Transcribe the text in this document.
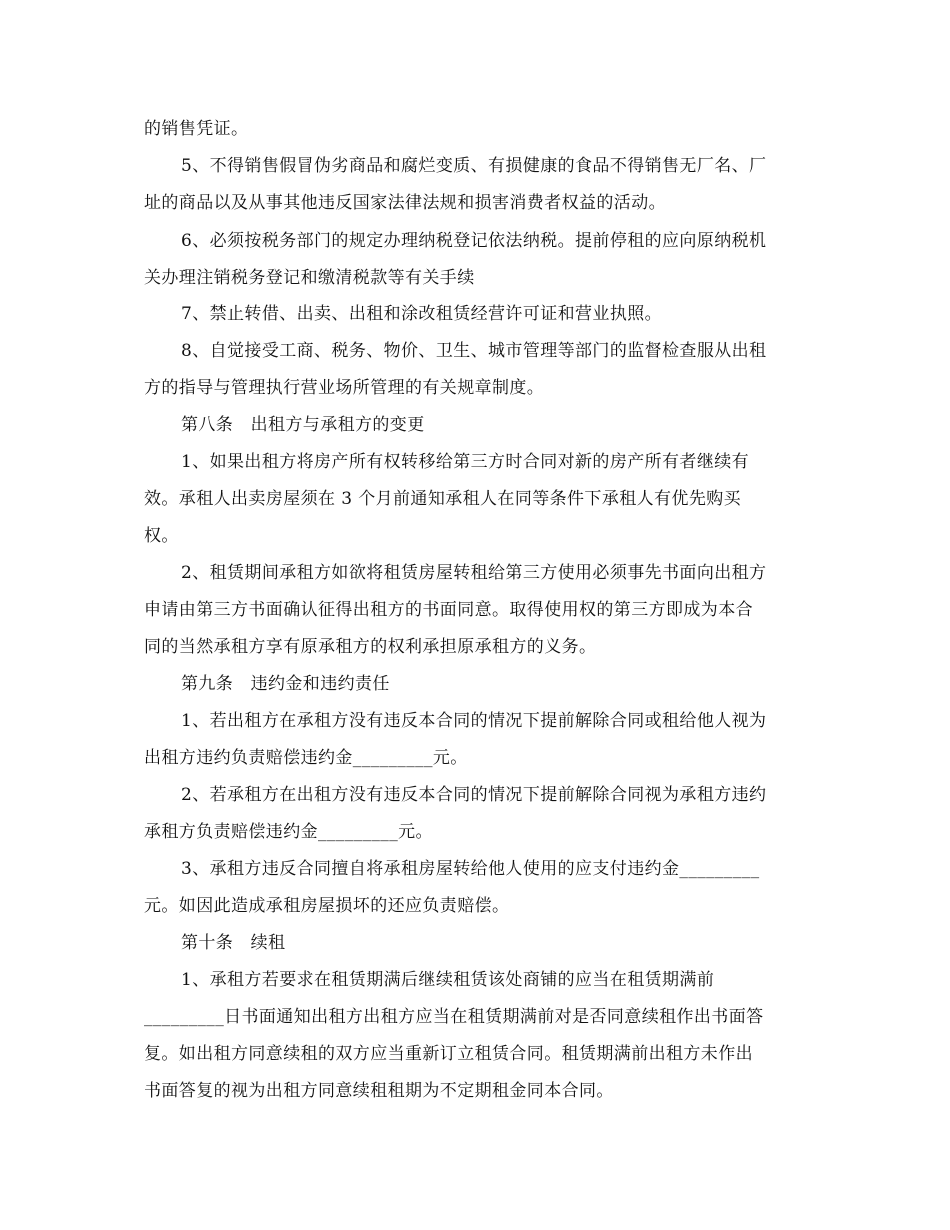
的销售凭证。
5、不得销售假冒伪劣商品和腐烂变质、有损健康的食品不得销售无厂名、厂
址的商品以及从事其他违反国家法律法规和损害消费者权益的活动。
6、必须按税务部门的规定办理纳税登记依法纳税。提前停租的应向原纳税机
关办理注销税务登记和缴清税款等有关手续
7、禁止转借、出卖、出租和涂改租赁经营许可证和营业执照。
8、自觉接受工商、税务、物价、卫生、城市管理等部门的监督检查服从出租
方的指导与管理执行营业场所管理的有关规章制度。
第八条　出租方与承租方的变更
1、如果出租方将房产所有权转移给第三方时合同对新的房产所有者继续有
效。承租人出卖房屋须在 3 个月前通知承租人在同等条件下承租人有优先购买
权。
2、租赁期间承租方如欲将租赁房屋转租给第三方使用必须事先书面向出租方
申请由第三方书面确认征得出租方的书面同意。取得使用权的第三方即成为本合
同的当然承租方享有原承租方的权利承担原承租方的义务。
第九条　违约金和违约责任
1、若出租方在承租方没有违反本合同的情况下提前解除合同或租给他人视为
出租方违约负责赔偿违约金_________元。
2、若承租方在出租方没有违反本合同的情况下提前解除合同视为承租方违约
承租方负责赔偿违约金_________元。
3、承租方违反合同擅自将承租房屋转给他人使用的应支付违约金_________
元。如因此造成承租房屋损坏的还应负责赔偿。
第十条　续租
1、承租方若要求在租赁期满后继续租赁该处商铺的应当在租赁期满前
_________日书面通知出租方出租方应当在租赁期满前对是否同意续租作出书面答
复。如出租方同意续租的双方应当重新订立租赁合同。租赁期满前出租方未作出
书面答复的视为出租方同意续租租期为不定期租金同本合同。
